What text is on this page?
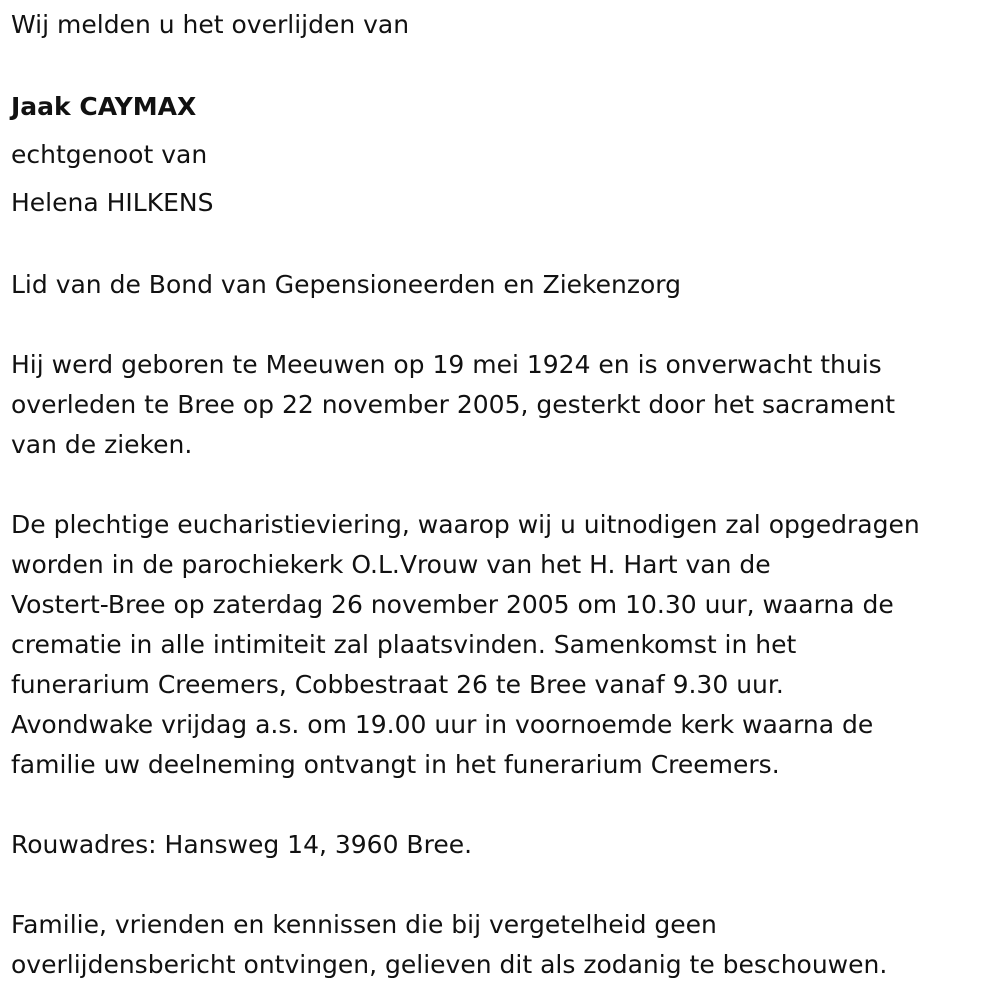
Wij melden u het overlijden van
Jaak CAYMAX
echtgenoot van
Helena HILKENS
Lid van de Bond van Gepensioneerden en Ziekenzorg
Hij werd geboren te Meeuwen op 19 mei 1924 en is onverwacht thuis
overleden te Bree op 22 november 2005, gesterkt door het sacrament
van de zieken.
De plechtige eucharistieviering, waarop wij u uitnodigen zal opgedragen
worden in de parochiekerk O.L.Vrouw van het H. Hart van de
Vostert-Bree op zaterdag 26 november 2005 om 10.30 uur, waarna de
crematie in alle intimiteit zal plaatsvinden. Samenkomst in het
funerarium Creemers, Cobbestraat 26 te Bree vanaf 9.30 uur.
Avondwake vrijdag a.s. om 19.00 uur in voornoemde kerk waarna de
familie uw deelneming ontvangt in het funerarium Creemers.
Rouwadres: Hansweg 14, 3960 Bree.
Familie, vrienden en kennissen die bij vergetelheid geen
overlijdensbericht ontvingen, gelieven dit als zodanig te beschouwen.
